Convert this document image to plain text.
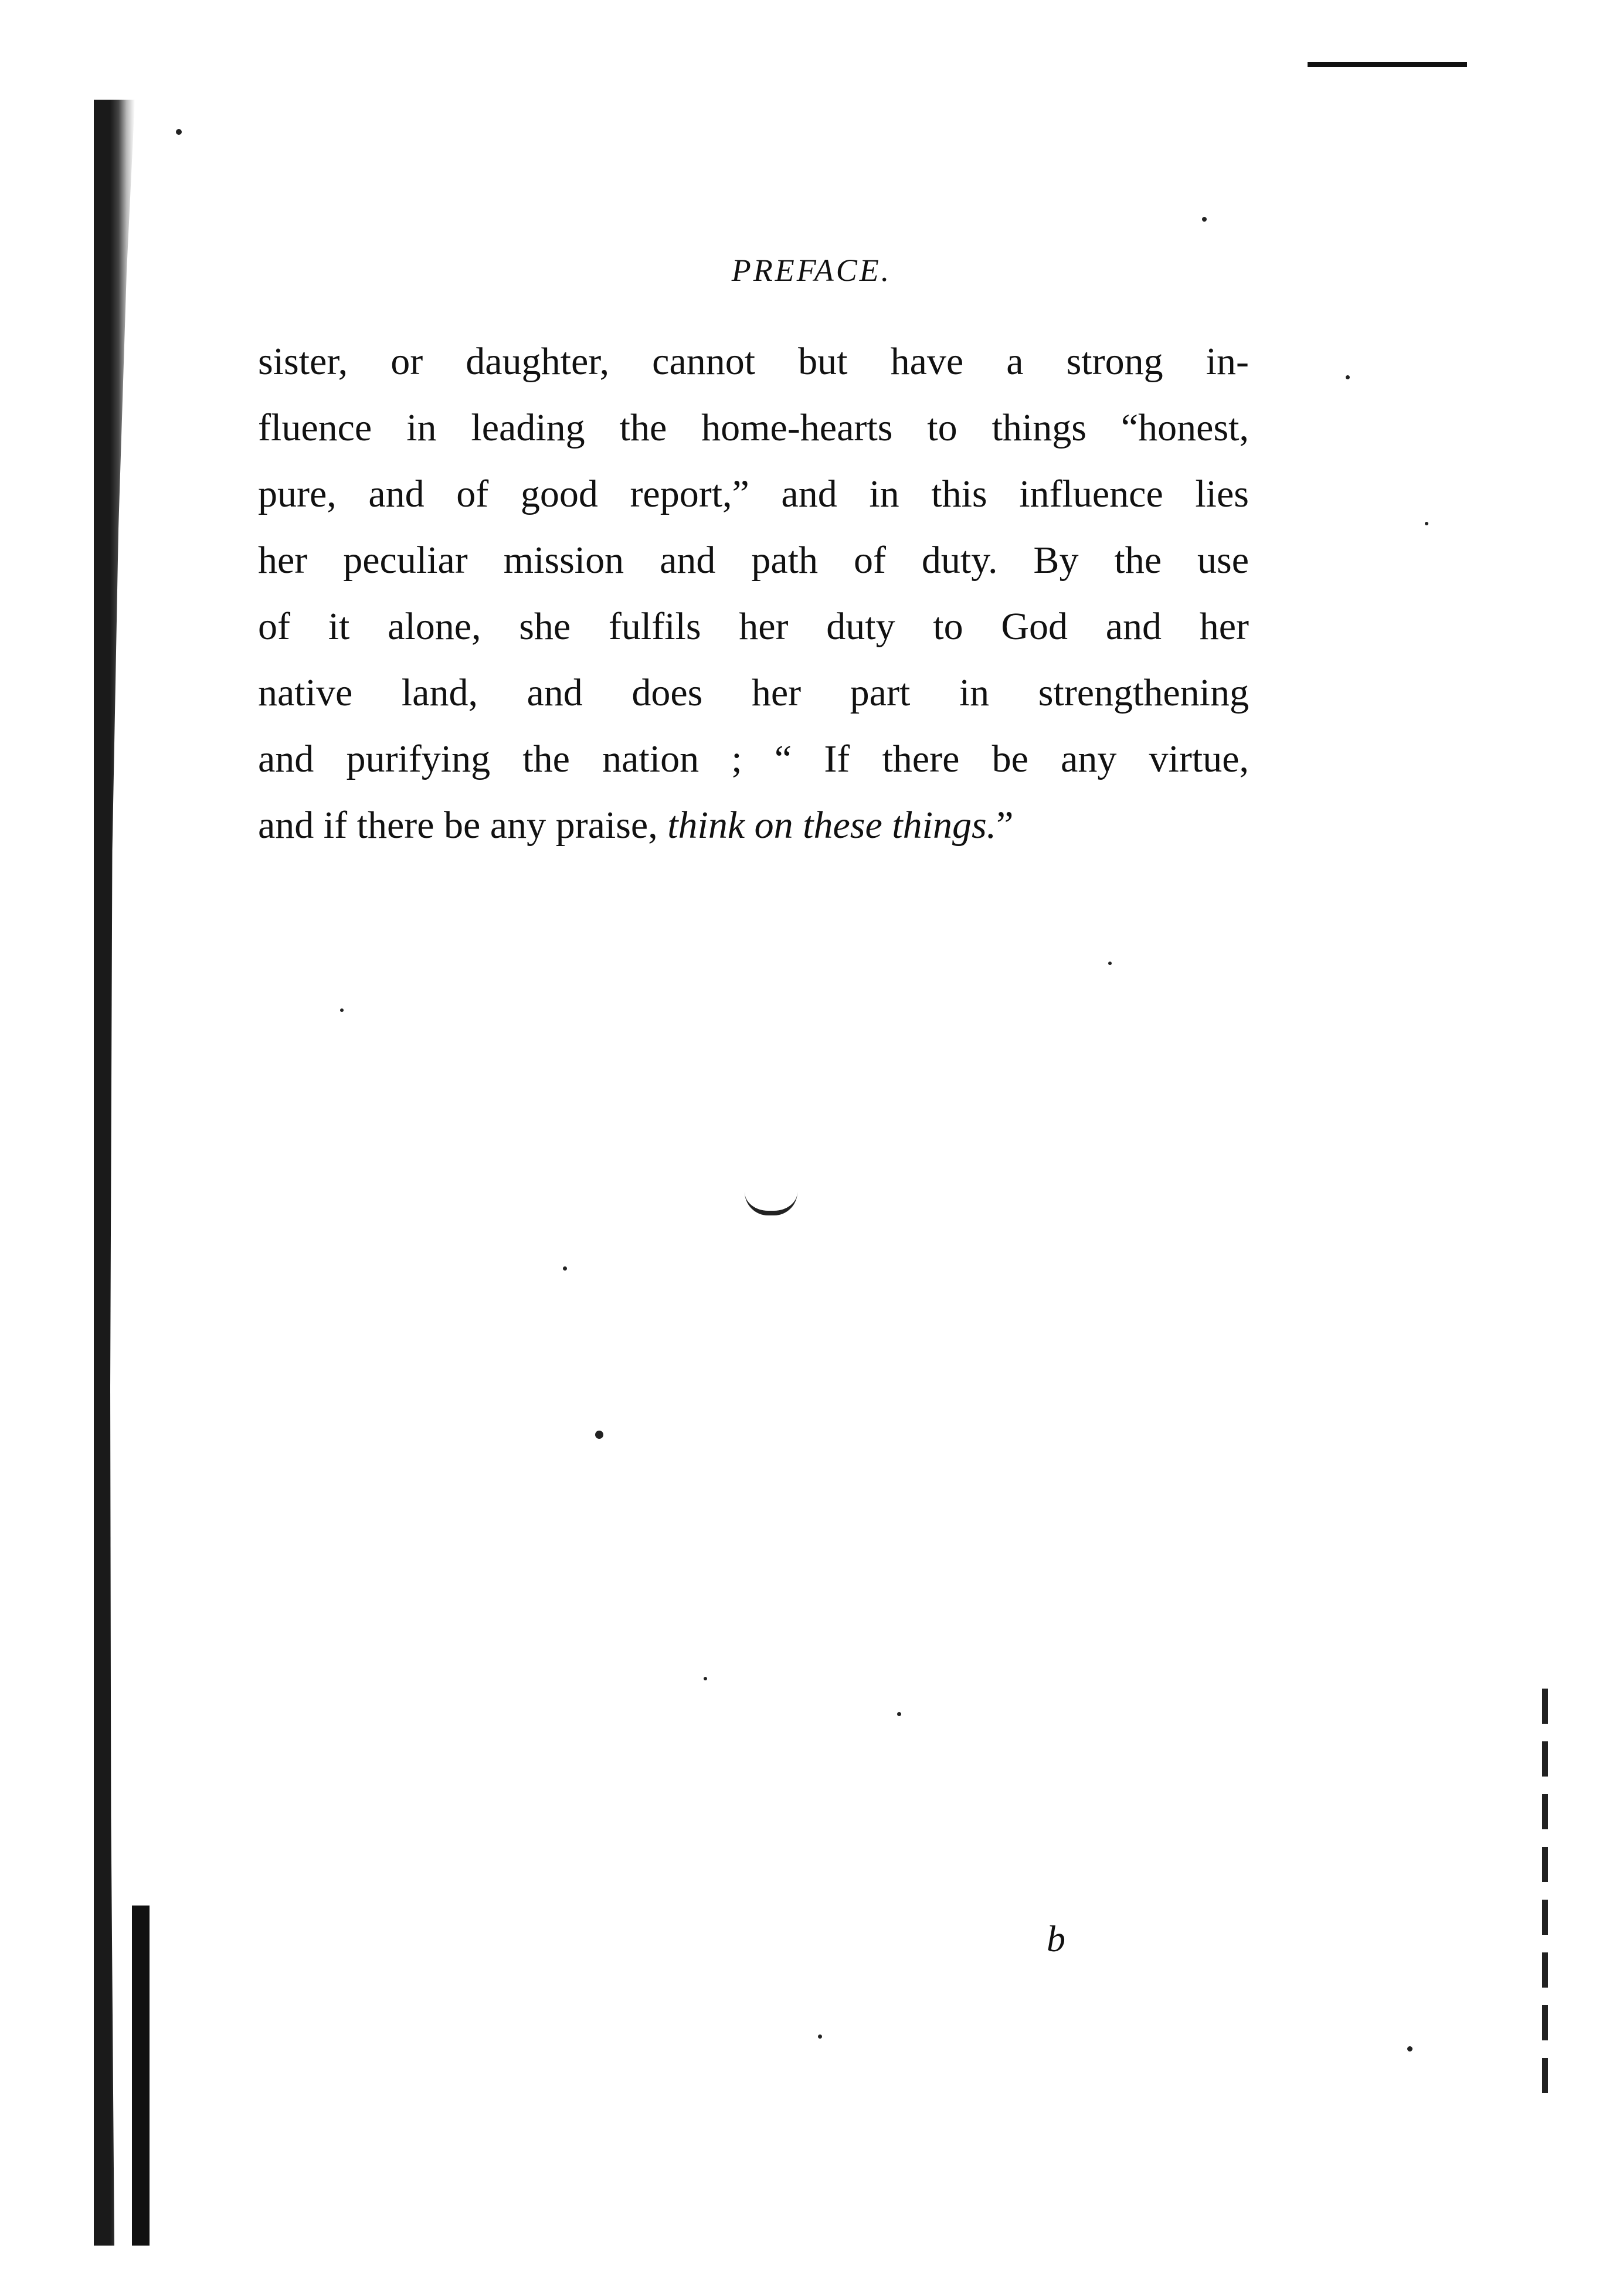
PREFACE.
sister, or daughter, cannot but have a strong in-
fluence in leading the home-hearts to things “honest,
pure, and of good report,” and in this influence lies
her peculiar mission and path of duty. By the use
of it alone, she fulfils her duty to God and her
native land, and does her part in strengthening
and purifying the nation ; “ If there be any virtue,
and if there be any praise, think on these things.”
b
